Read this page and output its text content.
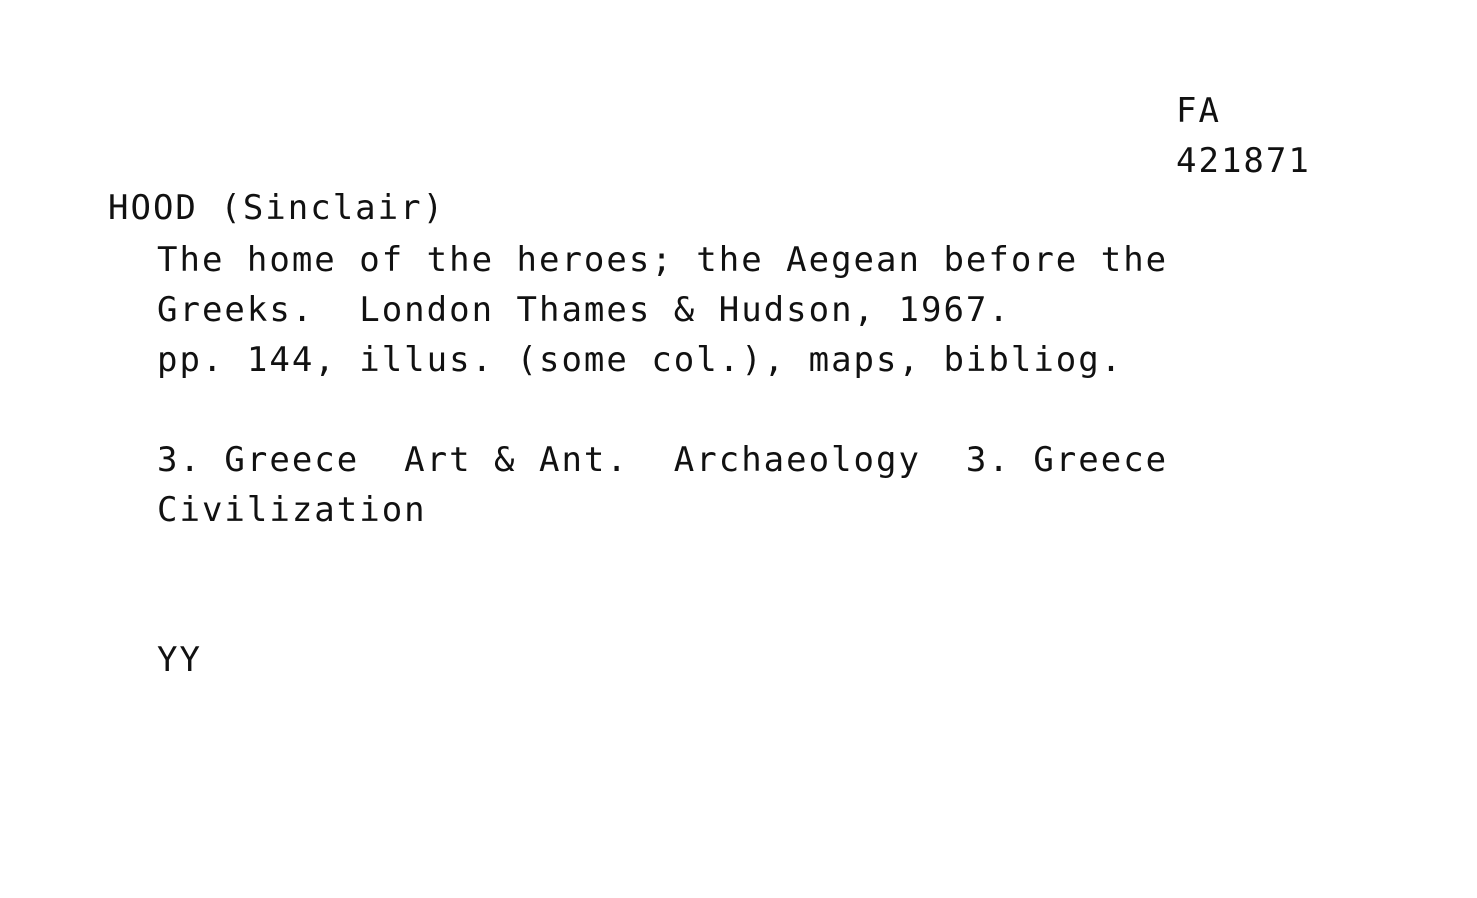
FA

421871

HOOD (Sinclair)

The home of the heroes; the Aegean before the

Greeks.  London Thames & Hudson, 1967.

pp. 144, illus. (some col.), maps, bibliog.

3. Greece  Art & Ant.  Archaeology  3. Greece

Civilization

YY
